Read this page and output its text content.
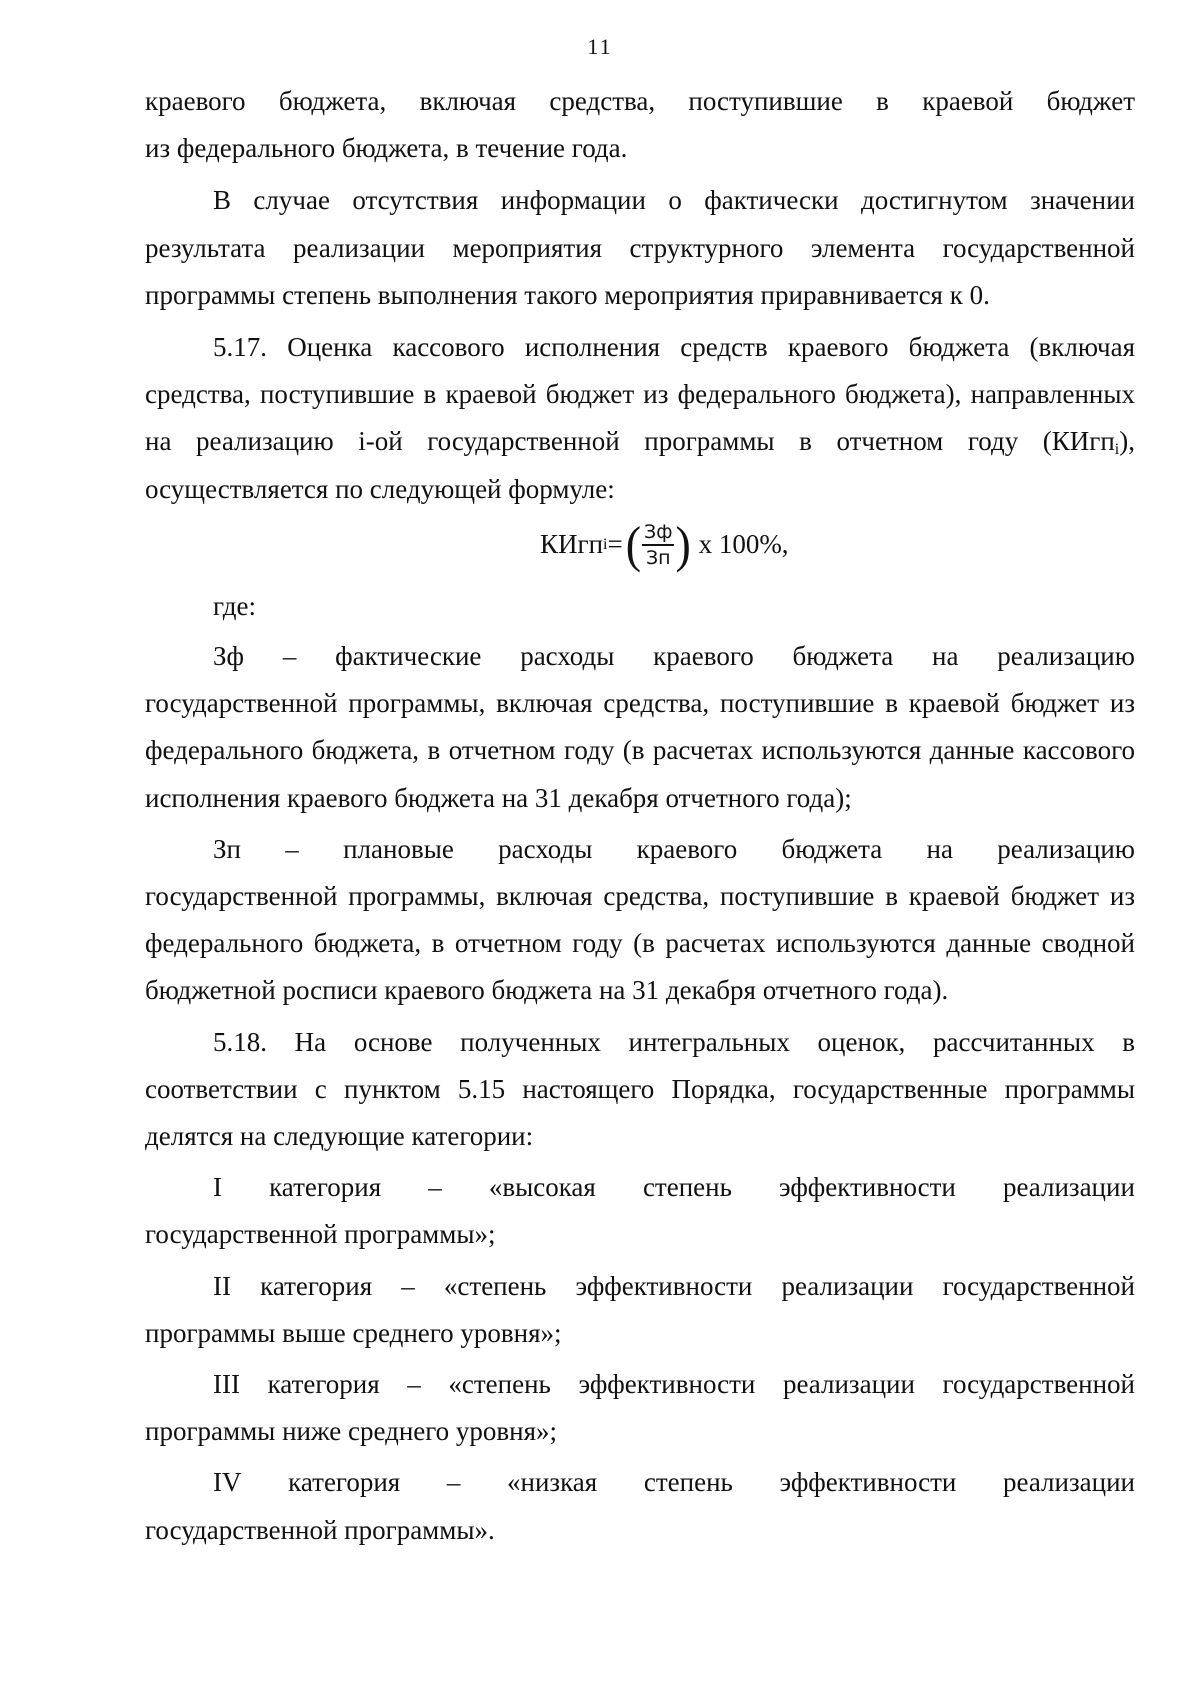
11

краевого бюджета, включая средства, поступившие в краевой бюджет

из федерального бюджета, в течение года.

В случае отсутствия информации о фактически достигнутом значении результата реализации мероприятия структурного элемента государственной программы степень выполнения такого мероприятия приравнивается к 0.

5.17. Оценка кассового исполнения средств краевого бюджета (включая средства, поступившие в краевой бюджет из федерального бюджета), направленных на реализацию i-ой государственной программы в отчетном году (КИгп$_i$), осуществляется по следующей формуле:

КИгп i = ( $\frac{Зф}{Зп}$ ) х 100%,

где:

Зф – фактические расходы краевого бюджета на реализацию

государственной программы, включая средства, поступившие в краевой бюджет из федерального бюджета, в отчетном году (в расчетах используются данные кассового исполнения краевого бюджета на 31 декабря отчетного года);

Зп – плановые расходы краевого бюджета на реализацию

государственной программы, включая средства, поступившие в краевой бюджет из федерального бюджета, в отчетном году (в расчетах используются данные сводной бюджетной росписи краевого бюджета на 31 декабря отчетного года).

5.18. На основе полученных интегральных оценок, рассчитанных в соответствии с пунктом 5.15 настоящего Порядка, государственные программы делятся на следующие категории:

I категория – «высокая степень эффективности реализации

государственной программы»;

II категория – «степень эффективности реализации государственной программы выше среднего уровня»;

III категория – «степень эффективности реализации государственной программы ниже среднего уровня»;

IV категория – «низкая степень эффективности реализации

государственной программы».
